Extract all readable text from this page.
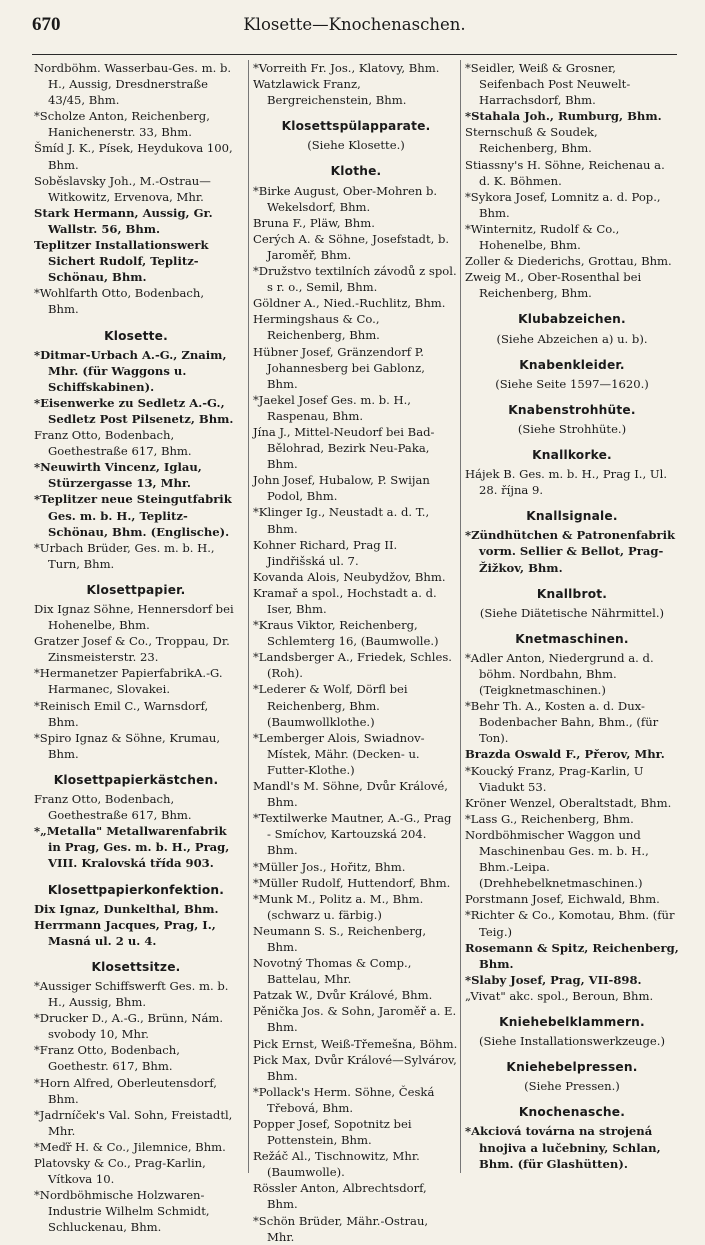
670	Klosette—Knochenaschen.
Nordböhm. Wasserbau-Ges. m. b. H., Aussig, Dresdnerstraße 43/45, Bhm.
*Scholze Anton, Reichenberg, Hanichenerstr. 33, Bhm.
Šmíd J. K., Písek, Heydukova 100, Bhm.
Soběslavsky Joh., M.-Ostrau—Witkowitz, Ervenova, Mhr.
Stark Hermann, Aussig, Gr. Wallstr. 56, Bhm.
Teplitzer Installationswerk Sichert Rudolf, Teplitz-Schönau, Bhm.
*Wohlfarth Otto, Bodenbach, Bhm.
Klosette.
*Ditmar-Urbach A.-G., Znaim, Mhr. (für Waggons u. Schiffskabinen).
*Eisenwerke zu Sedletz A.-G., Sedletz Post Pilsenetz, Bhm.
Franz Otto, Bodenbach, Goethestraße 617, Bhm.
*Neuwirth Vincenz, Iglau, Stürzergasse 13, Mhr.
*Teplitzer neue Steingutfabrik Ges. m. b. H., Teplitz-Schönau, Bhm. (Englische).
*Urbach Brüder, Ges. m. b. H., Turn, Bhm.
Klosettpapier.
Dix Ignaz Söhne, Hennersdorf bei Hohenelbe, Bhm.
Gratzer Josef & Co., Troppau, Dr. Zinsmeisterstr. 23.
*Hermanetzer PapierfabrikA.-G. Harmanec, Slovakei.
*Reinisch Emil C., Warnsdorf, Bhm.
*Spiro Ignaz & Söhne, Krumau, Bhm.
Klosettpapierkästchen.
Franz Otto, Bodenbach, Goethestraße 617, Bhm.
*„Metalla" Metallwarenfabrik in Prag, Ges. m. b. H., Prag, VIII. Kralovská třída 903.
Klosettpapierkonfektion.
Dix Ignaz, Dunkelthal, Bhm.
Herrmann Jacques, Prag, I., Masná ul. 2 u. 4.
Klosettsitze.
*Aussiger Schiffswerft Ges. m. b. H., Aussig, Bhm.
*Drucker D., A.-G., Brünn, Nám. svobody 10, Mhr.
*Franz Otto, Bodenbach, Goethestr. 617, Bhm.
*Horn Alfred, Oberleutensdorf, Bhm.
*Jadrníček's Val. Sohn, Freistadtl, Mhr.
*Meďř H. & Co., Jilemnice, Bhm.
Platovsky & Co., Prag-Karlin, Vítkova 10.
*Nordböhmische Holzwaren-Industrie Wilhelm Schmidt, Schluckenau, Bhm.
*Vorreith Fr. Jos., Klatovy, Bhm.
Watzlawick Franz, Bergreichenstein, Bhm.
Klosettspülapparate.
(Siehe Klosette.)
Klothe.
*Birke August, Ober-Mohren b. Wekelsdorf, Bhm.
Bruna F., Pläw, Bhm.
Cerých A. & Söhne, Josefstadt, b. Jaroměř, Bhm.
*Družstvo textilních závodů z spol. s r. o., Semil, Bhm.
Göldner A., Nied.-Ruchlitz, Bhm.
Hermingshaus & Co., Reichenberg, Bhm.
Hübner Josef, Gränzendorf P. Johannesberg bei Gablonz, Bhm.
*Jaekel Josef Ges. m. b. H., Raspenau, Bhm.
Jína J., Mittel-Neudorf bei Bad-Bělohrad, Bezirk Neu-Paka, Bhm.
John Josef, Hubalow, P. Swijan Podol, Bhm.
*Klinger Ig., Neustadt a. d. T., Bhm.
Kohner Richard, Prag II. Jindřišská ul. 7.
Kovanda Alois, Neubydžov, Bhm.
Kramař a spol., Hochstadt a. d. Iser, Bhm.
*Kraus Viktor, Reichenberg, Schlemterg 16, (Baumwolle.)
*Landsberger A., Friedek, Schles. (Roh).
*Lederer & Wolf, Dörfl bei Reichenberg, Bhm. (Baumwollklothe.)
*Lemberger Alois, Swiadnov-Místek, Mähr. (Decken- u. Futter-Klothe.)
Mandl's M. Söhne, Dvůr Králové, Bhm.
*Textilwerke Mautner, A.-G., Prag - Smíchov, Kartouzská 204. Bhm.
*Müller Jos., Hořitz, Bhm.
*Müller Rudolf, Huttendorf, Bhm.
*Munk M., Politz a. M., Bhm. (schwarz u. färbig.)
Neumann S. S., Reichenberg, Bhm.
Novotný Thomas & Comp., Battelau, Mhr.
Patzak W., Dvůr Králové, Bhm.
Pěnička Jos. & Sohn, Jaroměř a. E. Bhm.
Pick Ernst, Weiß-Třemešna, Böhm.
Pick Max, Dvůr Králové—Sylvárov, Bhm.
*Pollack's Herm. Söhne, Česká Třebová, Bhm.
Popper Josef, Sopotnitz bei Pottenstein, Bhm.
Režáč Al., Tischnowitz, Mhr. (Baumwolle).
Rössler Anton, Albrechtsdorf, Bhm.
*Schön Brüder, Mähr.-Ostrau, Mhr.
*Seidler, Weiß & Grosner, Seifenbach Post Neuwelt-Harrachsdorf, Bhm.
*Stahala Joh., Rumburg, Bhm.
Sternschuß & Soudek, Reichenberg, Bhm.
Stiassny's H. Söhne, Reichenau a. d. K. Böhmen.
*Sykora Josef, Lomnitz a. d. Pop., Bhm.
*Winternitz, Rudolf & Co., Hohenelbe, Bhm.
Zoller & Diederichs, Grottau, Bhm.
Zweig M., Ober-Rosenthal bei Reichenberg, Bhm.
Klubabzeichen.
(Siehe Abzeichen a) u. b).
Knabenkleider.
(Siehe Seite 1597—1620.)
Knabenstrohhüte.
(Siehe Strohhüte.)
Knallkorke.
Hájek B. Ges. m. b. H., Prag I., Ul. 28. října 9.
Knallsignale.
*Zündhütchen & Patronenfabrik vorm. Sellier & Bellot, Prag-Žižkov, Bhm.
Knallbrot.
(Siehe Diätetische Nährmittel.)
Knetmaschinen.
*Adler Anton, Niedergrund a. d. böhm. Nordbahn, Bhm. (Teigknetmaschinen.)
*Behr Th. A., Kosten a. d. Dux-Bodenbacher Bahn, Bhm., (für Ton).
Brazda Oswald F., Přerov, Mhr.
*Koucký Franz, Prag-Karlin, U Viadukt 53.
Kröner Wenzel, Oberaltstadt, Bhm.
*Lass G., Reichenberg, Bhm.
Nordböhmischer Waggon und Maschinenbau Ges. m. b. H., Bhm.-Leipa. (Drehhebelknetmaschinen.)
Porstmann Josef, Eichwald, Bhm.
*Richter & Co., Komotau, Bhm. (für Teig.)
Rosemann & Spitz, Reichenberg, Bhm.
*Slaby Josef, Prag, VII-898.
„Vivat" akc. spol., Beroun, Bhm.
Kniehebelklammern.
(Siehe Installationswerkzeuge.)
Kniehebelpressen.
(Siehe Pressen.)
Knochenasche.
*Akciová továrna na strojená hnojiva a lučebniny, Schlan, Bhm. (für Glashütten).
